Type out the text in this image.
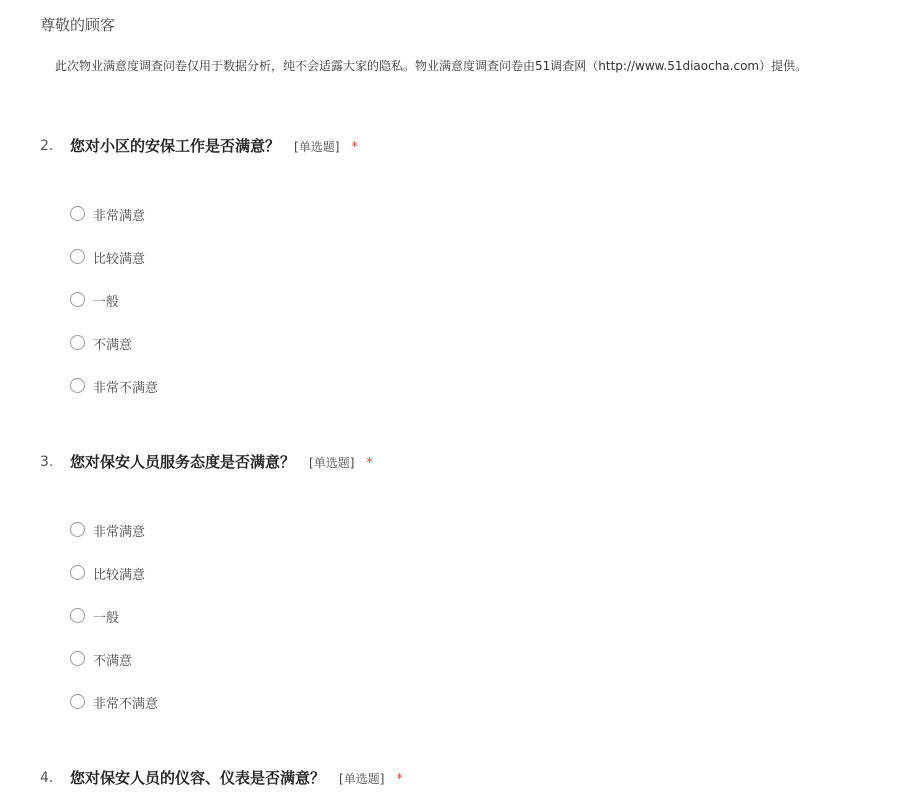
尊敬的顾客
此次物业满意度调查问卷仅用于数据分析，纯不会适露大家的隐私。物业满意度调查问卷由51调查网（http://www.51diaocha.com）提供。
2. 您对小区的安保工作是否满意？ [单选题] *
非常满意
比较满意
一般
不满意
非常不满意
3. 您对保安人员服务态度是否满意？ [单选题] *
非常满意
比较满意
一般
不满意
非常不满意
4. 您对保安人员的仪容、仪表是否满意？ [单选题] *
